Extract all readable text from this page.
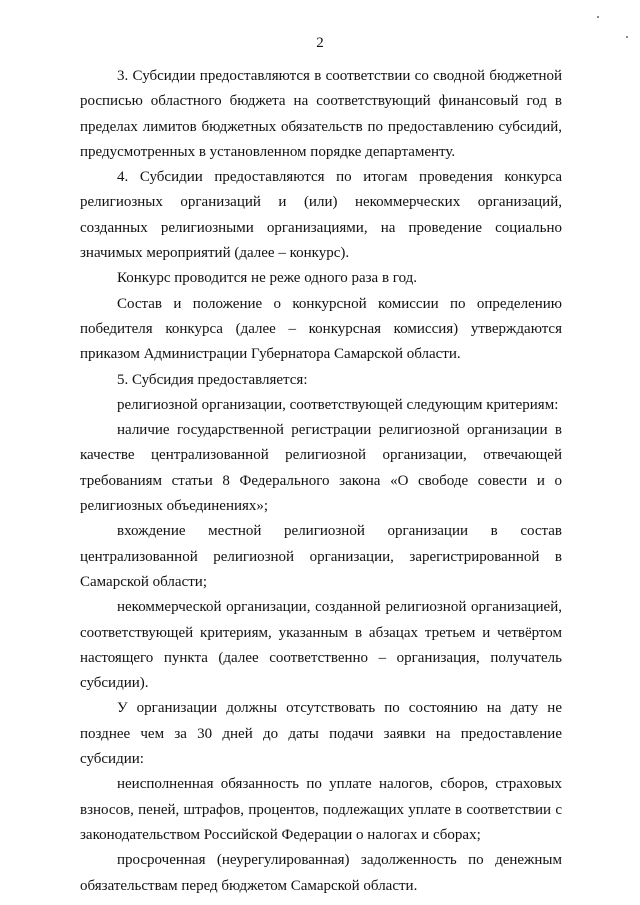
2

3. Субсидии предоставляются в соответствии со сводной бюджетной росписью областного бюджета на соответствующий финансовый год в пределах лимитов бюджетных обязательств по предоставлению субсидий, предусмотренных в установленном порядке департаменту.

4. Субсидии предоставляются по итогам проведения конкурса религиозных организаций и (или) некоммерческих организаций, созданных религиозными организациями, на проведение социально значимых мероприятий (далее – конкурс).

Конкурс проводится не реже одного раза в год.

Состав и положение о конкурсной комиссии по определению победителя конкурса (далее – конкурсная комиссия) утверждаются приказом Администрации Губернатора Самарской области.

5. Субсидия предоставляется:

религиозной организации, соответствующей следующим критериям:

наличие государственной регистрации религиозной организации в качестве централизованной религиозной организации, отвечающей требованиям статьи 8 Федерального закона «О свободе совести и о религиозных объединениях»;

вхождение местной религиозной организации в состав централизованной религиозной организации, зарегистрированной в Самарской области;

некоммерческой организации, созданной религиозной организацией, соответствующей критериям, указанным в абзацах третьем и четвёртом настоящего пункта (далее соответственно – организация, получатель субсидии).

У организации должны отсутствовать по состоянию на дату не позднее чем за 30 дней до даты подачи заявки на предоставление субсидии:

неисполненная обязанность по уплате налогов, сборов, страховых взносов, пеней, штрафов, процентов, подлежащих уплате в соответствии с законодательством Российской Федерации о налогах и сборах;

просроченная (неурегулированная) задолженность по денежным обязательствам перед бюджетом Самарской области.
